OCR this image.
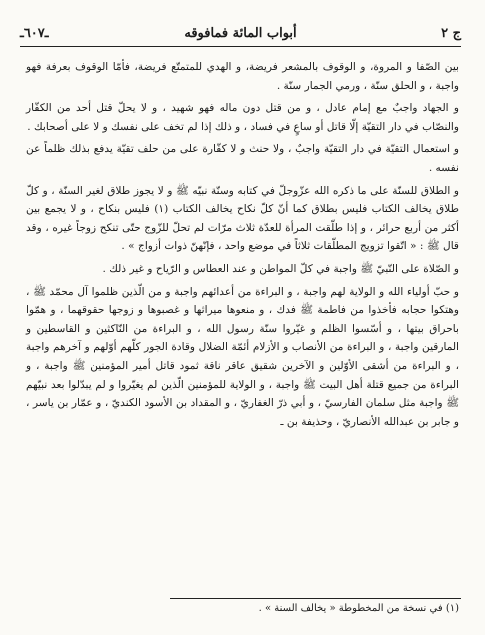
ج ٢
أبواب المائة فمافوقه
ـ٦٠٧ـ

بين الصّفا و المروة، و الوقوف بالمشعر فريضة، و الهدي للمتمتّع فريضة، فأمّا الوقوف بعرفة فهو واجبة ، و الحلق سنّة ، ورمي الجمار سنّة .

و الجهاد واجبٌ مع إمام عادل ، و من قتل دون ماله فهو شهيد ، و لا يحلّ قتل أحد من الكفّار والنصّاب في دار التقيّة إلّا قاتل أو ساعٍ في فساد ، و ذلك إذا لم تخف على نفسك و لا على أصحابك .

و استعمال التقيّة في دار التقيّة واجبٌ ، ولا حنث و لا كفّارة على من حلف تقيّة يدفع بذلك ظلماً عن نفسه .

و الطلاق للسنّة على ما ذكره الله عزّوجلّ في كتابه وسنّة نبيّه ﷺ و لا يجوز طلاق لغير السنّة ، و كلّ طلاق يخالف الكتاب فليس بطلاق كما أنّ كلّ نكاح يخالف الكتاب (١) فليس بنكاح ، و لا يجمع بين أكثر من أربع حرائر ، و إذا طلّقت المرأة للعدّة ثلاث مرّات لم تحلّ للزّوج حتّى تنكح زوجاً غيره ، وقد قال ﷺ : « اتّقوا تزويج المطلّقات ثلاثاً في موضع واحد ، فإنّهنّ ذوات أزواج » .

و الصّلاة على النّبيّ ﷺ واجبة في كلّ المواطن و عند العطاس و الرّياح و غير ذلك .

و حبّ أولياء الله و الولاية لهم واجبة ، و البراءة من أعدائهم واجبة و من الّذين ظلموا آل محمّد ﷺ ، وهتكوا حجابه فأخذوا من فاطمة ﷺ فدك ، و منعوها ميراثها و غصبوها و زوجها حقوقهما ، و همّوا باحراق بيتها ، و أسّسوا الظلم و غيّروا سنّة رسول الله ، و البراءة من النّاكثين و القاسطين و المارقين واجبة ، و البراءة من الأنصاب و الأزلام أئمّة الضلال وقادة الجور كلّهم أوّلهم و آخرهم واجبة ، و البراءة من أشقى الأوّلين و الآخرين شقيق عاقر ناقة ثمود قاتل أمير المؤمنين ﷺ واجبة ، و البراءة من جميع قتلة أهل البيت ﷺ واجبة ، و الولاية للمؤمنين الّذين لم يغيّروا و لم يبدّلوا بعد نبيّهم ﷺ واجبة مثل سلمان الفارسيّ ، و أبي ذرّ الغفاريّ ، و المقداد بن الأسود الكنديّ ، و عمّار بن ياسر ، و جابر بن عبدالله الأنصاريّ ، وحذيفة بن ـ

(١) في نسخة من المخطوطة « يخالف السنة » .
